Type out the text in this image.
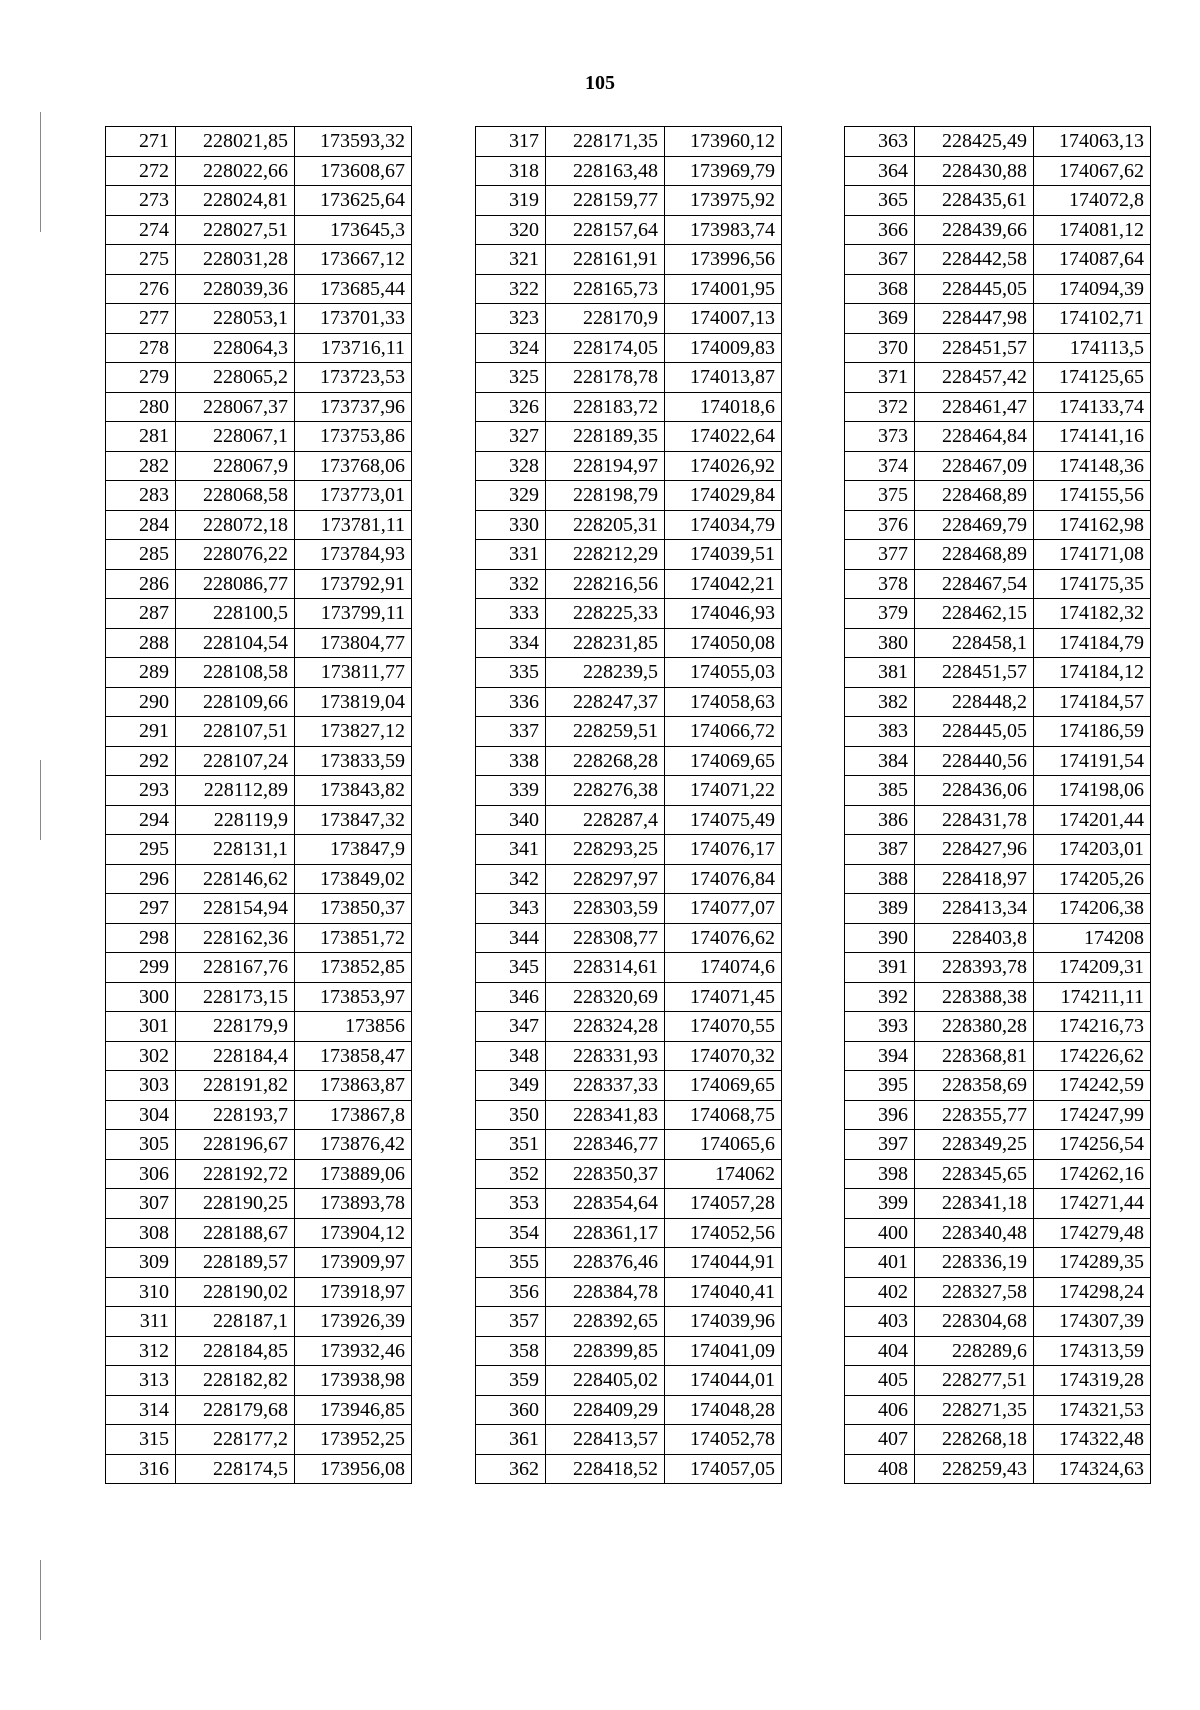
105
271	228021,85	173593,32
272	228022,66	173608,67
273	228024,81	173625,64
274	228027,51	173645,3
275	228031,28	173667,12
276	228039,36	173685,44
277	228053,1	173701,33
278	228064,3	173716,11
279	228065,2	173723,53
280	228067,37	173737,96
281	228067,1	173753,86
282	228067,9	173768,06
283	228068,58	173773,01
284	228072,18	173781,11
285	228076,22	173784,93
286	228086,77	173792,91
287	228100,5	173799,11
288	228104,54	173804,77
289	228108,58	173811,77
290	228109,66	173819,04
291	228107,51	173827,12
292	228107,24	173833,59
293	228112,89	173843,82
294	228119,9	173847,32
295	228131,1	173847,9
296	228146,62	173849,02
297	228154,94	173850,37
298	228162,36	173851,72
299	228167,76	173852,85
300	228173,15	173853,97
301	228179,9	173856
302	228184,4	173858,47
303	228191,82	173863,87
304	228193,7	173867,8
305	228196,67	173876,42
306	228192,72	173889,06
307	228190,25	173893,78
308	228188,67	173904,12
309	228189,57	173909,97
310	228190,02	173918,97
311	228187,1	173926,39
312	228184,85	173932,46
313	228182,82	173938,98
314	228179,68	173946,85
315	228177,2	173952,25
316	228174,5	173956,08
317	228171,35	173960,12
318	228163,48	173969,79
319	228159,77	173975,92
320	228157,64	173983,74
321	228161,91	173996,56
322	228165,73	174001,95
323	228170,9	174007,13
324	228174,05	174009,83
325	228178,78	174013,87
326	228183,72	174018,6
327	228189,35	174022,64
328	228194,97	174026,92
329	228198,79	174029,84
330	228205,31	174034,79
331	228212,29	174039,51
332	228216,56	174042,21
333	228225,33	174046,93
334	228231,85	174050,08
335	228239,5	174055,03
336	228247,37	174058,63
337	228259,51	174066,72
338	228268,28	174069,65
339	228276,38	174071,22
340	228287,4	174075,49
341	228293,25	174076,17
342	228297,97	174076,84
343	228303,59	174077,07
344	228308,77	174076,62
345	228314,61	174074,6
346	228320,69	174071,45
347	228324,28	174070,55
348	228331,93	174070,32
349	228337,33	174069,65
350	228341,83	174068,75
351	228346,77	174065,6
352	228350,37	174062
353	228354,64	174057,28
354	228361,17	174052,56
355	228376,46	174044,91
356	228384,78	174040,41
357	228392,65	174039,96
358	228399,85	174041,09
359	228405,02	174044,01
360	228409,29	174048,28
361	228413,57	174052,78
362	228418,52	174057,05
363	228425,49	174063,13
364	228430,88	174067,62
365	228435,61	174072,8
366	228439,66	174081,12
367	228442,58	174087,64
368	228445,05	174094,39
369	228447,98	174102,71
370	228451,57	174113,5
371	228457,42	174125,65
372	228461,47	174133,74
373	228464,84	174141,16
374	228467,09	174148,36
375	228468,89	174155,56
376	228469,79	174162,98
377	228468,89	174171,08
378	228467,54	174175,35
379	228462,15	174182,32
380	228458,1	174184,79
381	228451,57	174184,12
382	228448,2	174184,57
383	228445,05	174186,59
384	228440,56	174191,54
385	228436,06	174198,06
386	228431,78	174201,44
387	228427,96	174203,01
388	228418,97	174205,26
389	228413,34	174206,38
390	228403,8	174208
391	228393,78	174209,31
392	228388,38	174211,11
393	228380,28	174216,73
394	228368,81	174226,62
395	228358,69	174242,59
396	228355,77	174247,99
397	228349,25	174256,54
398	228345,65	174262,16
399	228341,18	174271,44
400	228340,48	174279,48
401	228336,19	174289,35
402	228327,58	174298,24
403	228304,68	174307,39
404	228289,6	174313,59
405	228277,51	174319,28
406	228271,35	174321,53
407	228268,18	174322,48
408	228259,43	174324,63
